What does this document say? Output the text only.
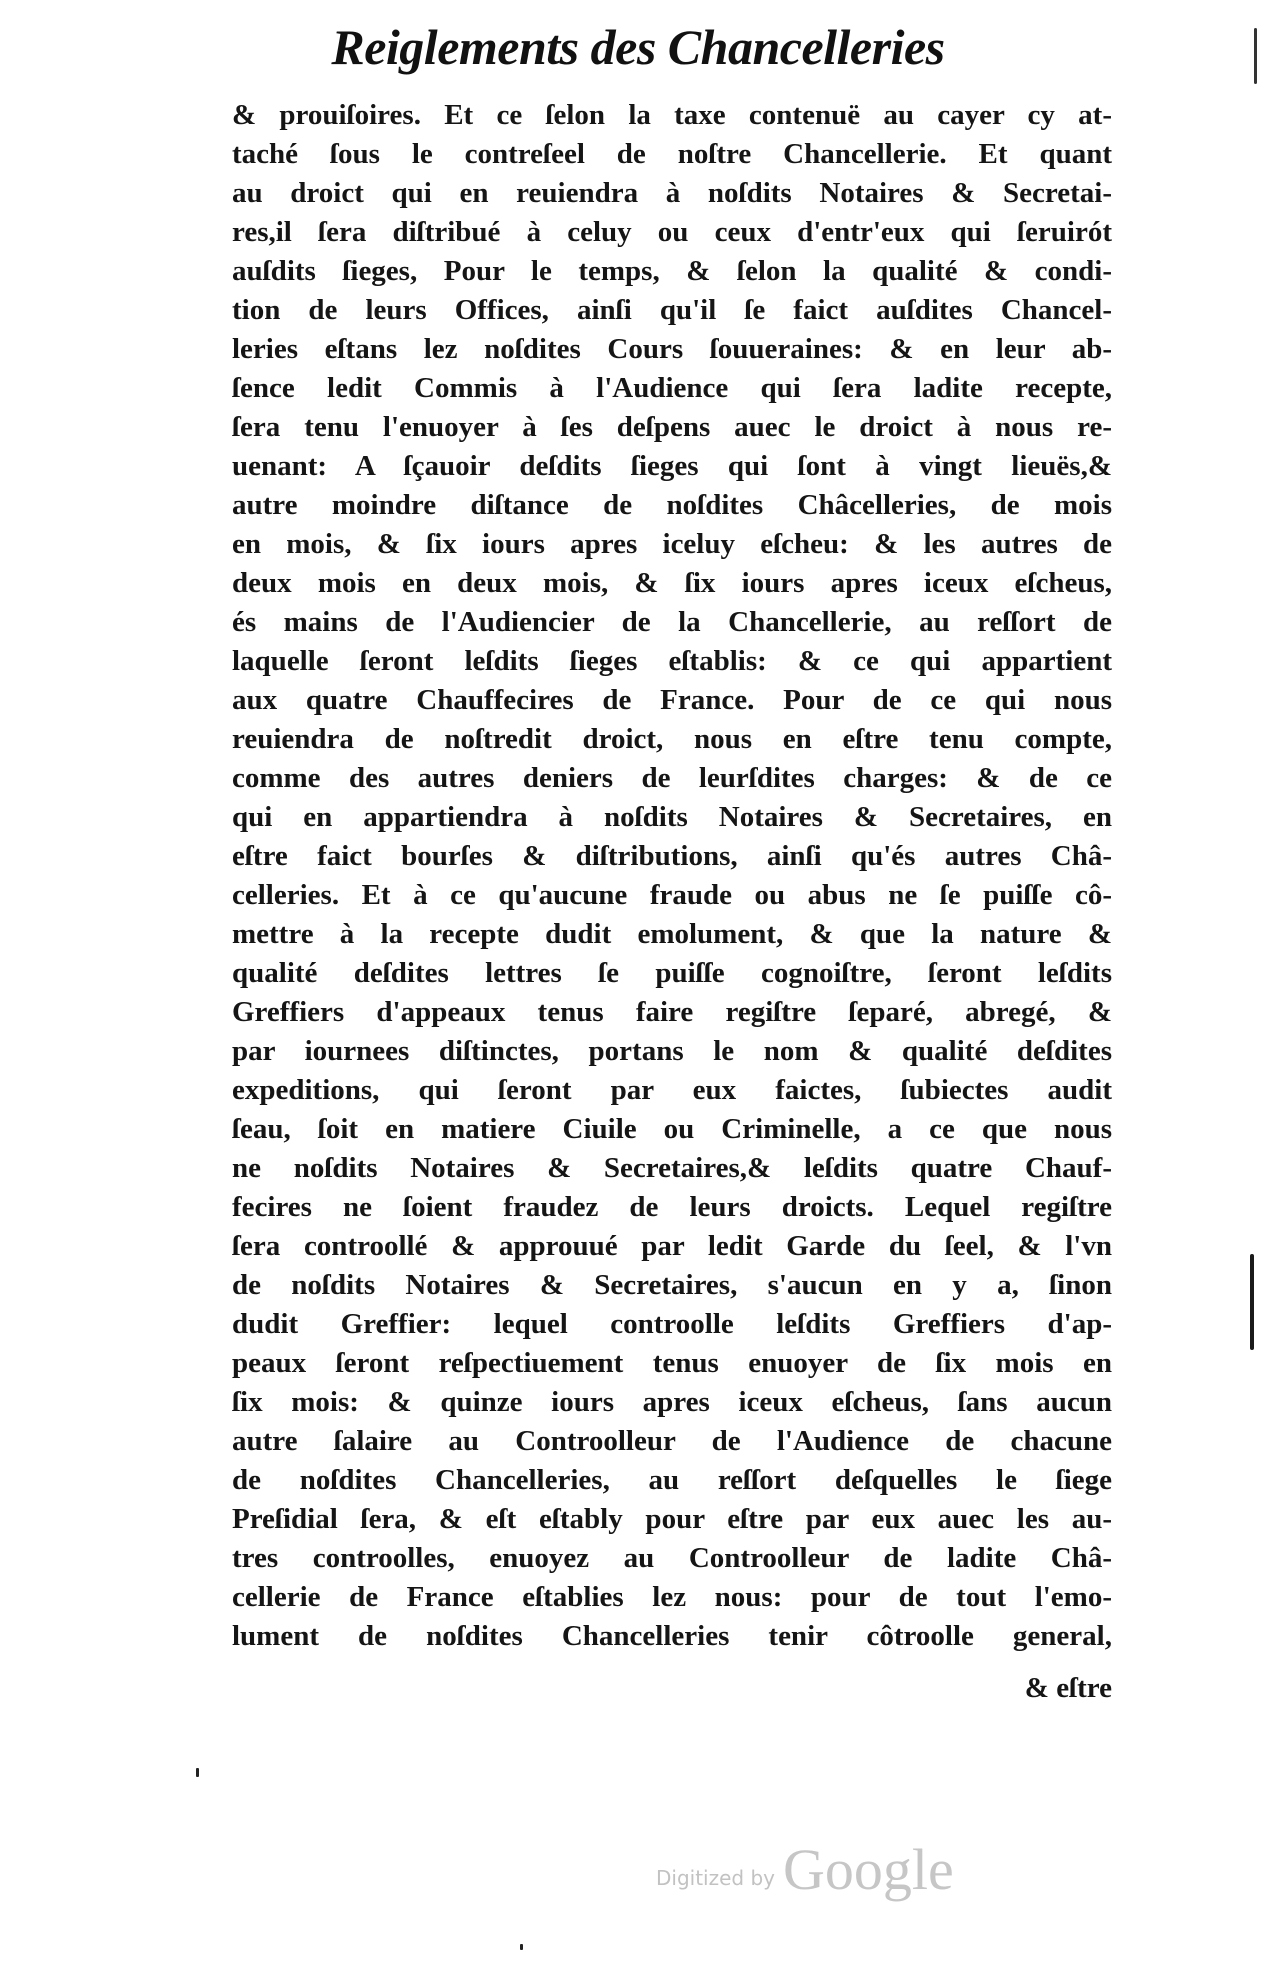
Reiglements des Chancelleries
& prouiſoires. Et ce ſelon la taxe contenuë au cayer cy at-
taché ſous le contreſeel de noſtre Chancellerie. Et quant
au droict qui en reuiendra à noſdits Notaires & Secretai-
res,il ſera diſtribué à celuy ou ceux d'entr'eux qui ſeruirót
auſdits ſieges, Pour le temps, & ſelon la qualité & condi-
tion de leurs Offices, ainſi qu'il ſe faict auſdites Chancel-
leries eſtans lez noſdites Cours ſouueraines: & en leur ab-
ſence ledit Commis à l'Audience qui ſera ladite recepte,
ſera tenu l'enuoyer à ſes deſpens auec le droict à nous re-
uenant: A ſçauoir deſdits ſieges qui ſont à vingt lieuës,&
autre moindre diſtance de noſdites Châcelleries, de mois
en mois, & ſix iours apres iceluy eſcheu: & les autres de
deux mois en deux mois, & ſix iours apres iceux eſcheus,
és mains de l'Audiencier de la Chancellerie, au reſſort de
laquelle ſeront leſdits ſieges eſtablis: & ce qui appartient
aux quatre Chauffecires de France. Pour de ce qui nous
reuiendra de noſtredit droict, nous en eſtre tenu compte,
comme des autres deniers de leurſdites charges: & de ce
qui en appartiendra à noſdits Notaires & Secretaires, en
eſtre faict bourſes & diſtributions, ainſi qu'és autres Châ-
celleries. Et à ce qu'aucune fraude ou abus ne ſe puiſſe cô-
mettre à la recepte dudit emolument, & que la nature &
qualité deſdites lettres ſe puiſſe cognoiſtre, ſeront leſdits
Greffiers d'appeaux tenus faire regiſtre ſeparé, abregé, &
par iournees diſtinctes, portans le nom & qualité deſdites
expeditions, qui ſeront par eux faictes, ſubiectes audit
ſeau, ſoit en matiere Ciuile ou Criminelle, a ce que nous
ne noſdits Notaires & Secretaires,& leſdits quatre Chauf-
fecires ne ſoient fraudez de leurs droicts. Lequel regiſtre
ſera controollé & approuué par ledit Garde du ſeel, & l'vn
de noſdits Notaires & Secretaires, s'aucun en y a, ſinon
dudit Greffier: lequel controolle leſdits Greffiers d'ap-
peaux ſeront reſpectiuement tenus enuoyer de ſix mois en
ſix mois: & quinze iours apres iceux eſcheus, ſans aucun
autre ſalaire au Controolleur de l'Audience de chacune
de noſdites Chancelleries, au reſſort deſquelles le ſiege
Preſidial ſera, & eſt eſtably pour eſtre par eux auec les au-
tres controolles, enuoyez au Controolleur de ladite Châ-
cellerie de France eſtablies lez nous: pour de tout l'emo-
lument de noſdites Chancelleries tenir côtroolle general,
& eſtre
Digitized by Google
